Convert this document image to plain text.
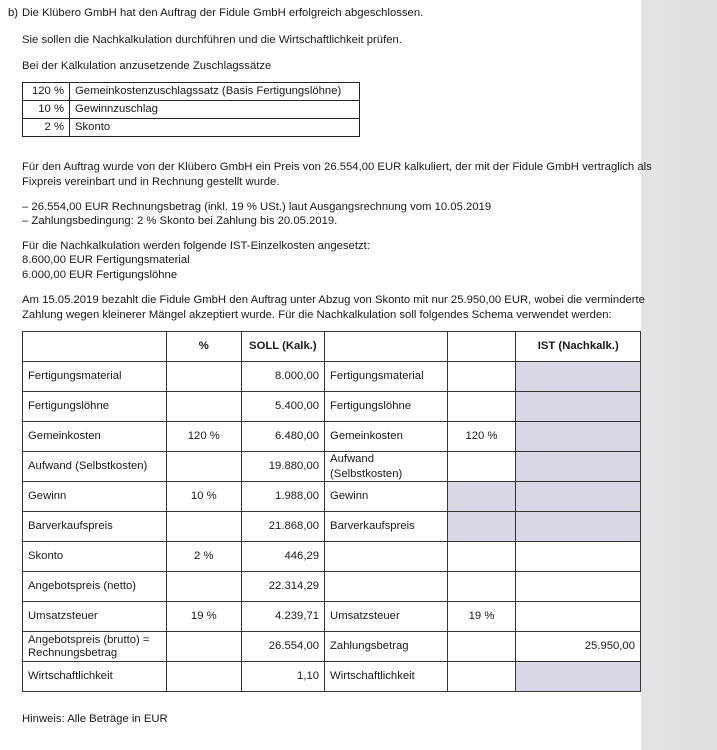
b) Die Klübero GmbH hat den Auftrag der Fidule GmbH erfolgreich abgeschlossen.

Sie sollen die Nachkalkulation durchführen und die Wirtschaftlichkeit prüfen.

Bei der Kalkulation anzusetzende Zuschlagssätze

120 %	Gemeinkostenzuschlagssatz (Basis Fertigungslöhne)
10 %	Gewinnzuschlag
2 %	Skonto

Für den Auftrag wurde von der Klübero GmbH ein Preis von 26.554,00 EUR kalkuliert, der mit der Fidule GmbH vertraglich als

Fixpreis vereinbart und in Rechnung gestellt wurde.

– 26.554,00 EUR Rechnungsbetrag (inkl. 19 % USt.) laut Ausgangsrechnung vom 10.05.2019

– Zahlungsbedingung: 2 % Skonto bei Zahlung bis 20.05.2019.

Für die Nachkalkulation werden folgende IST-Einzelkosten angesetzt:

8.600,00 EUR Fertigungsmaterial

6.000,00 EUR Fertigungslöhne

Am 15.05.2019 bezahlt die Fidule GmbH den Auftrag unter Abzug von Skonto mit nur 25.950,00 EUR, wobei die verminderte

Zahlung wegen kleinerer Mängel akzeptiert wurde. Für die Nachkalkulation soll folgendes Schema verwendet werden:

	%	SOLL (Kalk.)			IST (Nachkalk.)
Fertigungsmaterial		8.000,00	Fertigungsmaterial		
Fertigungslöhne		5.400,00	Fertigungslöhne		
Gemeinkosten	120 %	6.480,00	Gemeinkosten	120 %	
Aufwand (Selbstkosten)		19.880,00	Aufwand (Selbstkosten)		
Gewinn	10 %	1.988,00	Gewinn		
Barverkaufspreis		21.868,00	Barverkaufspreis		
Skonto	2 %	446,29			
Angebotspreis (netto)		22.314,29			
Umsatzsteuer	19 %	4.239,71	Umsatzsteuer	19 %	
Angebotspreis (brutto) = Rechnungsbetrag		26.554,00	Zahlungsbetrag		25.950,00
Wirtschaftlichkeit		1,10	Wirtschaftlichkeit		

Hinweis: Alle Beträge in EUR
